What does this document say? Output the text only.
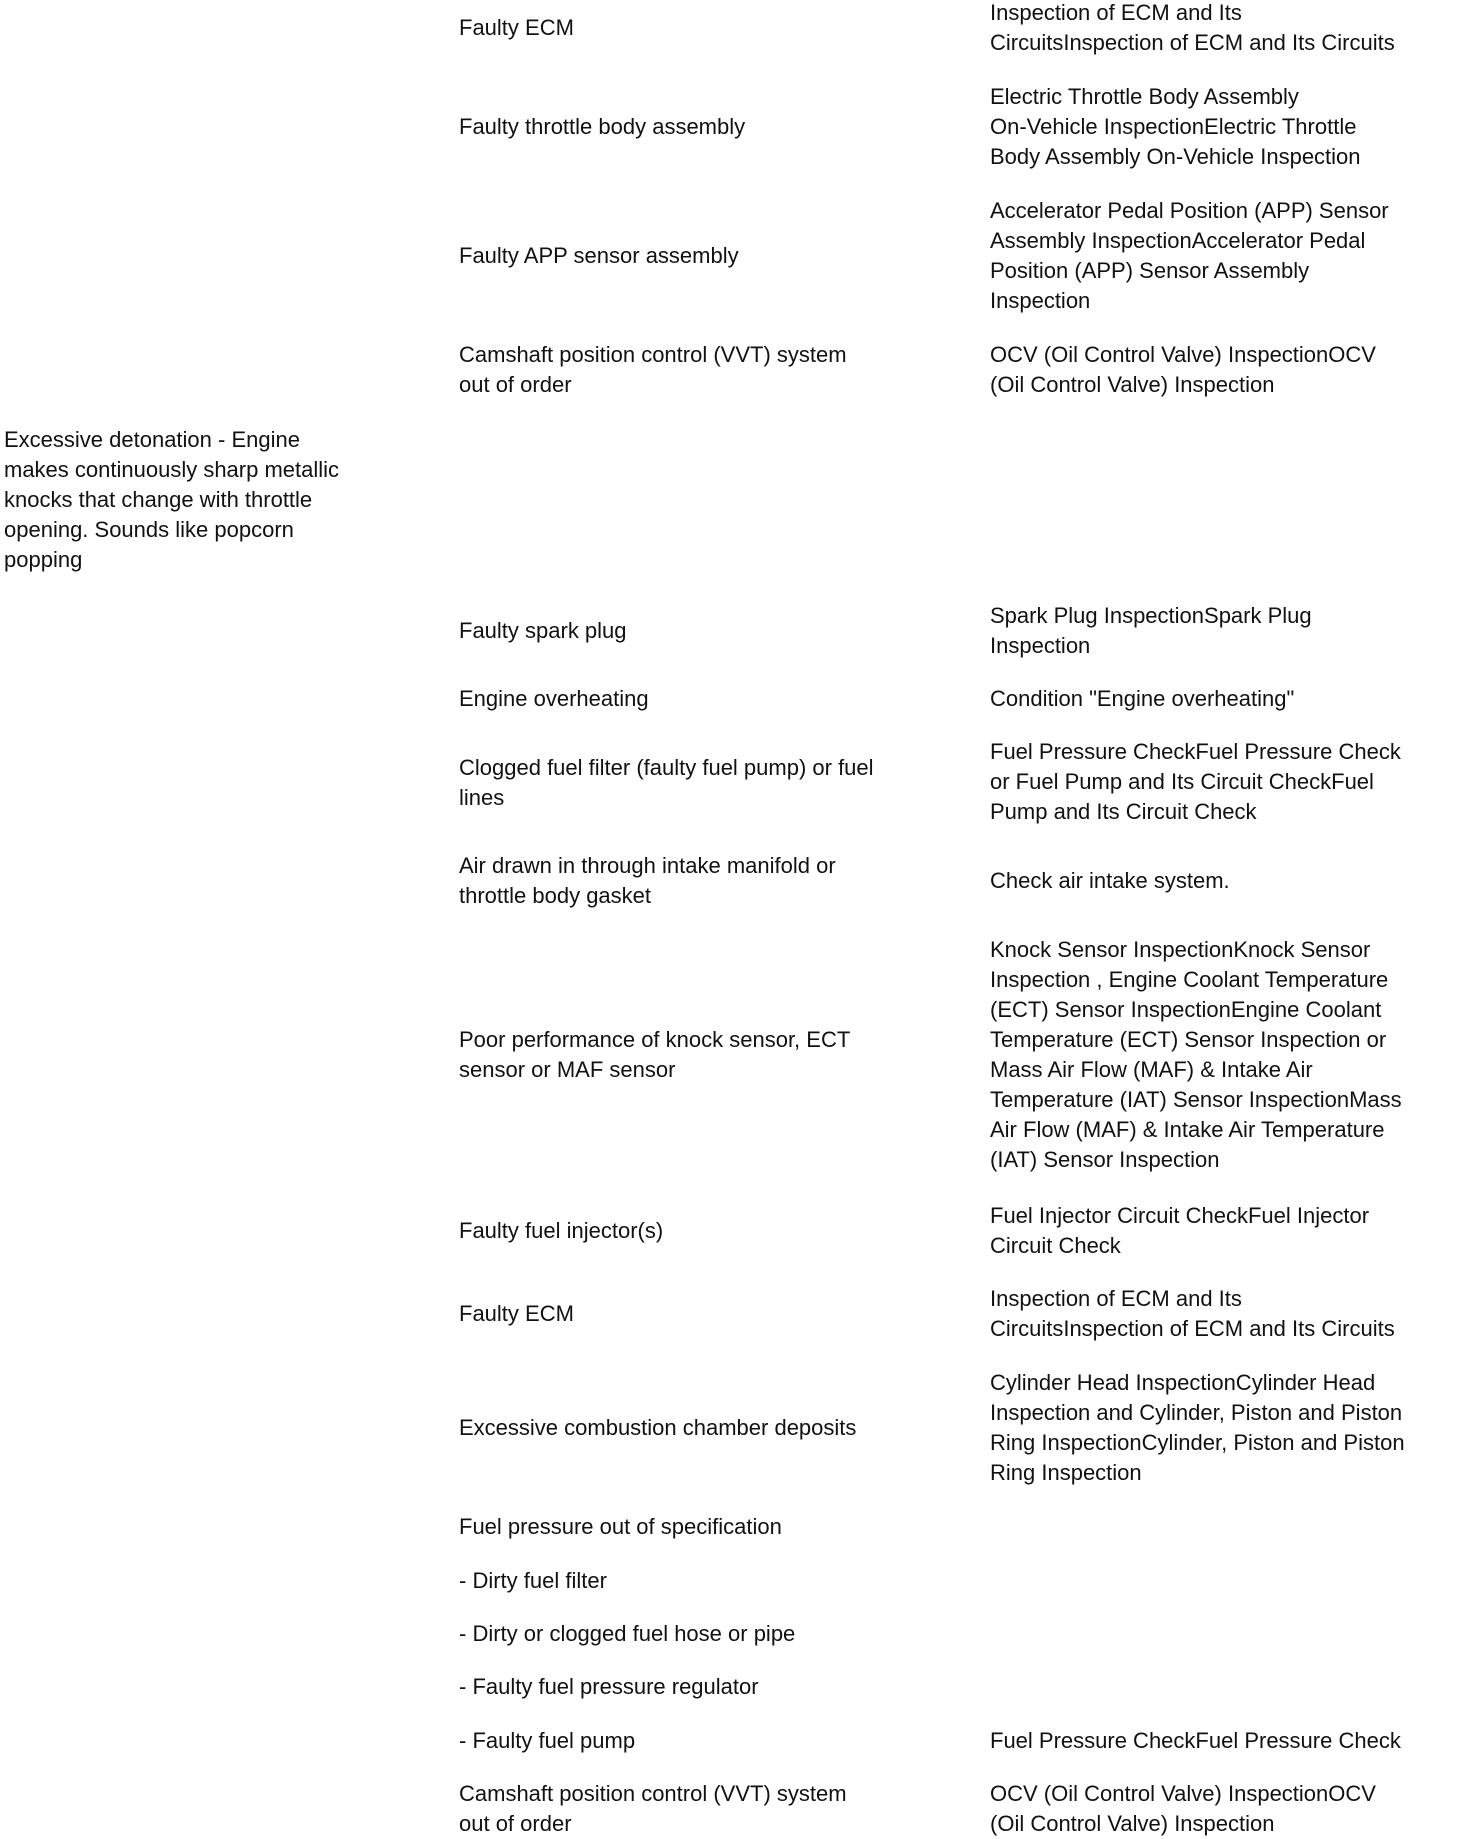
Excessive detonation - Engine
makes continuously sharp metallic
knocks that change with throttle
opening. Sounds like popcorn
popping

Faulty ECM

Inspection of ECM and Its
CircuitsInspection of ECM and Its Circuits

Faulty throttle body assembly

Electric Throttle Body Assembly
On-Vehicle InspectionElectric Throttle
Body Assembly On-Vehicle Inspection

Faulty APP sensor assembly

Accelerator Pedal Position (APP) Sensor
Assembly InspectionAccelerator Pedal
Position (APP) Sensor Assembly
Inspection

Camshaft position control (VVT) system
out of order

OCV (Oil Control Valve) InspectionOCV
(Oil Control Valve) Inspection

Faulty spark plug

Spark Plug InspectionSpark Plug
Inspection

Engine overheating	Condition "Engine overheating"

Clogged fuel filter (faulty fuel pump) or fuel
lines

Fuel Pressure CheckFuel Pressure Check
or Fuel Pump and Its Circuit CheckFuel
Pump and Its Circuit Check

Air drawn in through intake manifold or
throttle body gasket

Check air intake system.

Poor performance of knock sensor, ECT
sensor or MAF sensor

Knock Sensor InspectionKnock Sensor
Inspection , Engine Coolant Temperature
(ECT) Sensor InspectionEngine Coolant
Temperature (ECT) Sensor Inspection or
Mass Air Flow (MAF) & Intake Air
Temperature (IAT) Sensor InspectionMass
Air Flow (MAF) & Intake Air Temperature
(IAT) Sensor Inspection

Faulty fuel injector(s)

Fuel Injector Circuit CheckFuel Injector
Circuit Check

Faulty ECM

Inspection of ECM and Its
CircuitsInspection of ECM and Its Circuits

Excessive combustion chamber deposits

Cylinder Head InspectionCylinder Head
Inspection and Cylinder, Piston and Piston
Ring InspectionCylinder, Piston and Piston
Ring Inspection

Fuel pressure out of specification

- Dirty fuel filter

- Dirty or clogged fuel hose or pipe

- Faulty fuel pressure regulator

- Faulty fuel pump	Fuel Pressure CheckFuel Pressure Check

Camshaft position control (VVT) system
out of order

OCV (Oil Control Valve) InspectionOCV
(Oil Control Valve) Inspection
